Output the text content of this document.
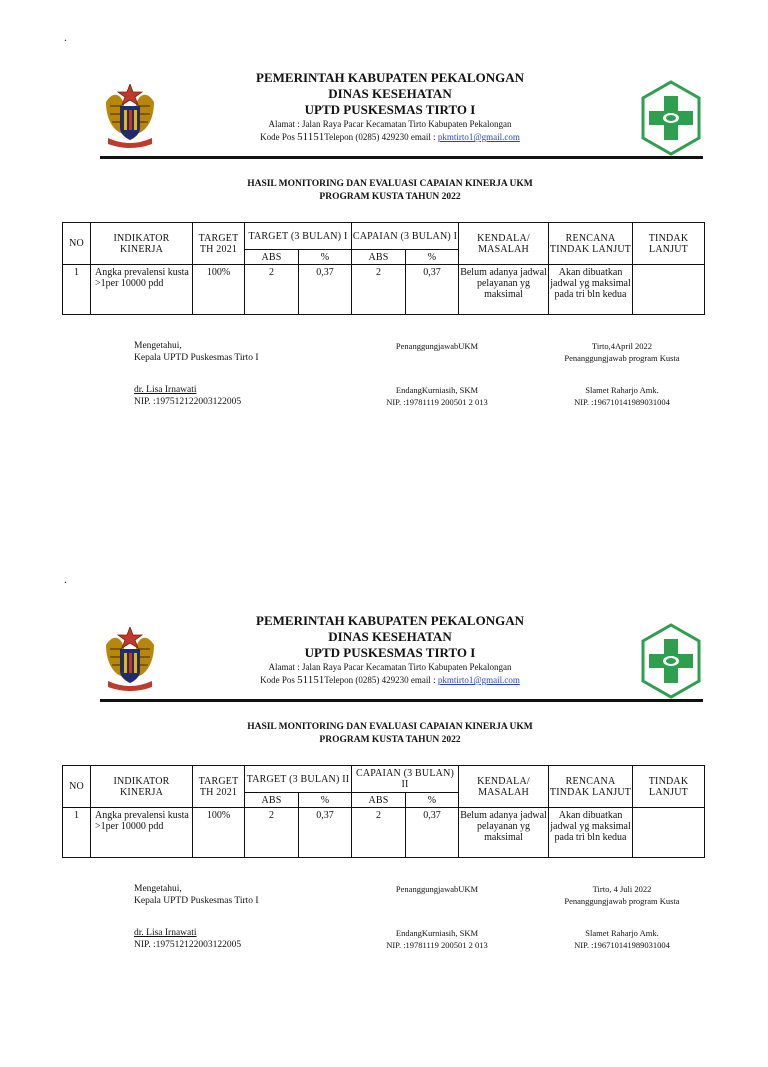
.
.
PEMERINTAH KABUPATEN PEKALONGAN
DINAS KESEHATAN
UPTD PUSKESMAS TIRTO I
Alamat : Jalan Raya Pacar Kecamatan Tirto Kabupaten Pekalongan
Kode Pos 51151Telepon (0285) 429230 email : pkmtirto1@gmail.com
HASIL MONITORING DAN EVALUASI CAPAIAN KINERJA UKM
PROGRAM KUSTA TAHUN 2022
NO	INDIKATOR KINERJA	TARGET TH 2021	TARGET (3 BULAN) I		CAPAIAN (3 BULAN) I		KENDALA/ MASALAH	RENCANA TINDAK LANJUT	TINDAK LANJUT
			ABS	%	ABS	%			
1	Angka prevalensi kusta >1per 10000 pdd	100%	2	0,37	2	0,37	Belum adanya jadwal pelayanan yg maksimal	Akan dibuatkan jadwal yg maksimal pada tri bln kedua	
Mengetahui,
Kepala UPTD Puskesmas Tirto I
dr. Lisa Irnawati
NIP. :197512122003122005
PenanggungjawabUKM
EndangKurniasih, SKM
NIP. :19781119 200501 2 013
Tirto,4April 2022
Penanggungjawab program Kusta
Slamet Raharjo Amk.
NIP. :196710141989031004
PEMERINTAH KABUPATEN PEKALONGAN
DINAS KESEHATAN
UPTD PUSKESMAS TIRTO I
Alamat : Jalan Raya Pacar Kecamatan Tirto Kabupaten Pekalongan
Kode Pos 51151Telepon (0285) 429230 email : pkmtirto1@gmail.com
HASIL MONITORING DAN EVALUASI CAPAIAN KINERJA UKM
PROGRAM KUSTA TAHUN 2022
NO	INDIKATOR KINERJA	TARGET TH 2021	TARGET (3 BULAN) II		CAPAIAN (3 BULAN) II		KENDALA/ MASALAH	RENCANA TINDAK LANJUT	TINDAK LANJUT
			ABS	%	ABS	%			
1	Angka prevalensi kusta >1per 10000 pdd	100%	2	0,37	2	0,37	Belum adanya jadwal pelayanan yg maksimal	Akan dibuatkan jadwal yg maksimal pada tri bln kedua	
Mengetahui,
Kepala UPTD Puskesmas Tirto I
dr. Lisa Irnawati
NIP. :197512122003122005
PenanggungjawabUKM
EndangKurniasih, SKM
NIP. :19781119 200501 2 013
Tirto, 4 Juli 2022
Penanggungjawab program Kusta
Slamet Raharjo Amk.
NIP. :196710141989031004
